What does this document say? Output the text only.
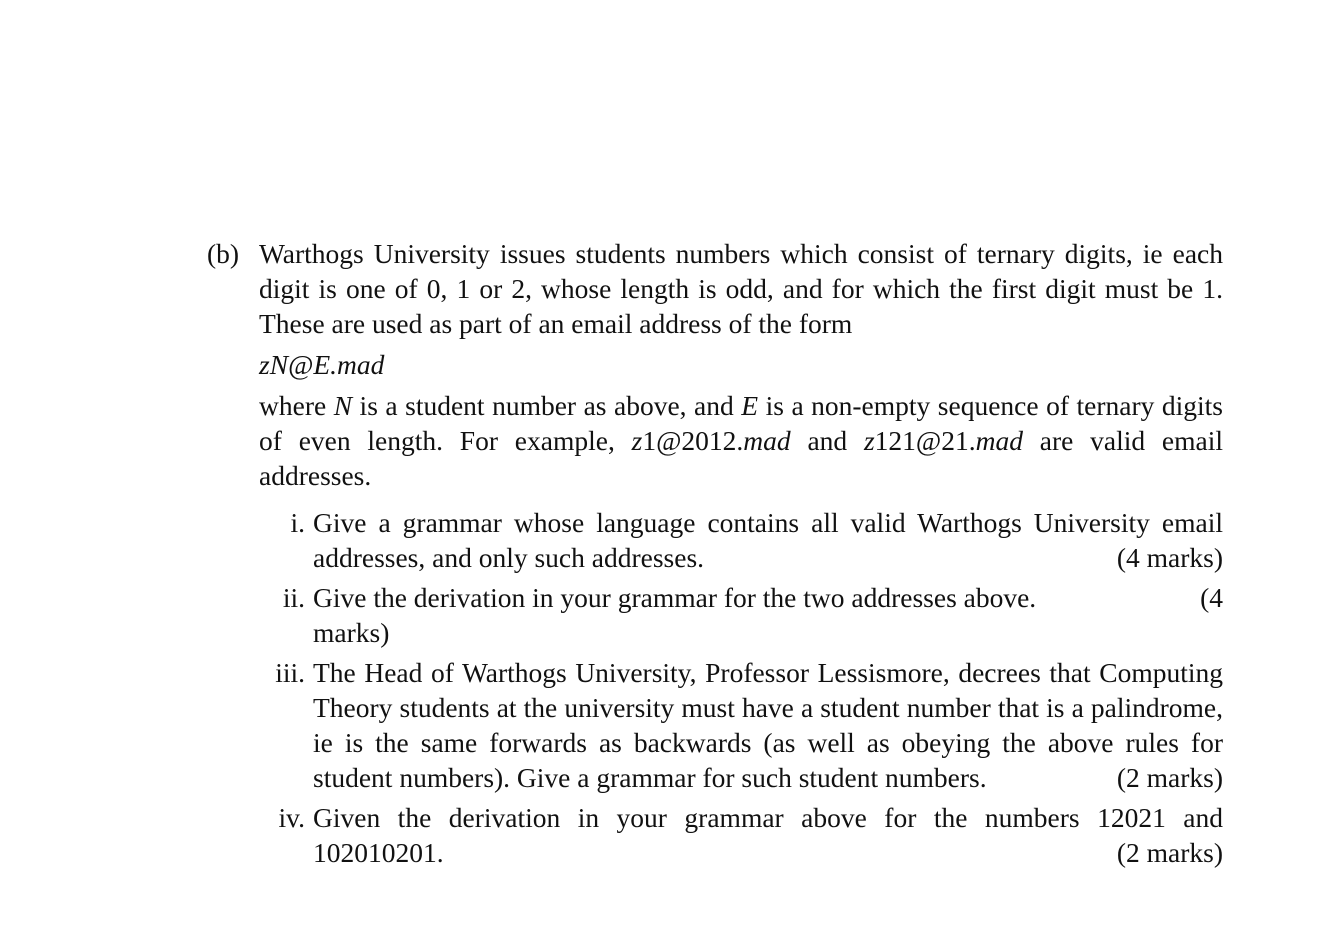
(b) Warthogs University issues students numbers which consist of ternary digits, ie each digit is one of 0, 1 or 2, whose length is odd, and for which the first digit must be 1. These are used as part of an email address of the form

zN@E.mad

where N is a student number as above, and E is a non-empty sequence of ternary digits of even length. For example, z1@2012.mad and z121@21.mad are valid email addresses.

i. Give a grammar whose language contains all valid Warthogs University email addresses, and only such addresses.	(4 marks)
ii. Give the derivation in your grammar for the two addresses above.	(4
marks)
iii. The Head of Warthogs University, Professor Lessismore, decrees that Computing Theory students at the university must have a student number that is a palindrome, ie is the same forwards as backwards (as well as obeying the above rules for student numbers). Give a grammar for such student numbers.	(2 marks)
iv. Given the derivation in your grammar above for the numbers 12021 and 102010201.	(2 marks)
